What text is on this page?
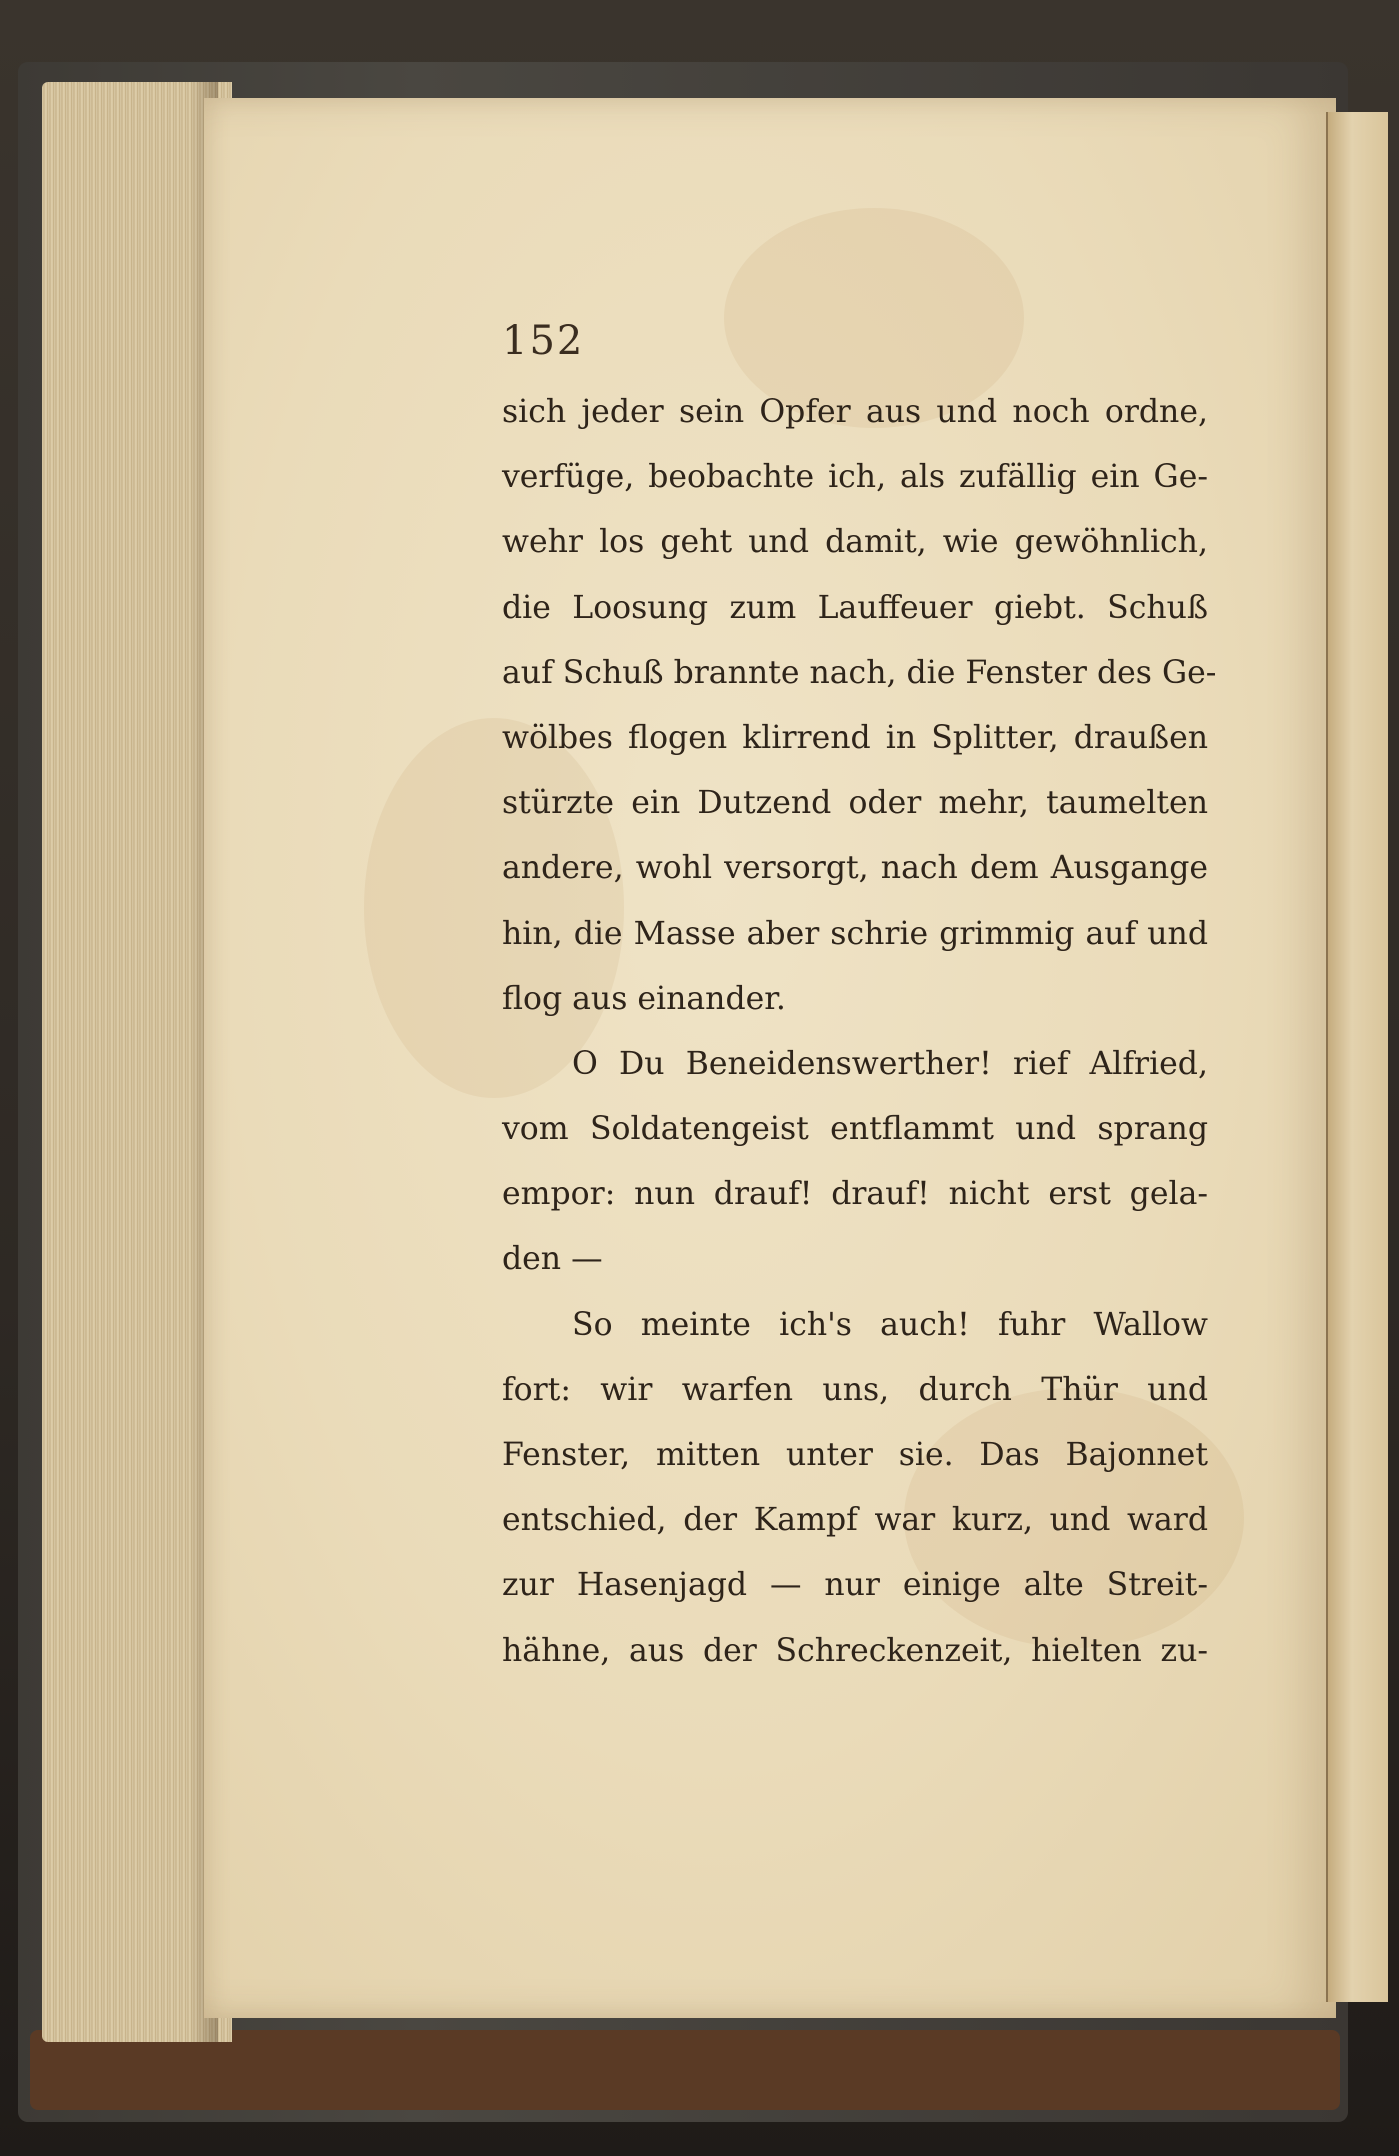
152
sich jeder sein Opfer aus und noch ordne,
verfüge, beobachte ich, als zufällig ein Ge-
wehr los geht und damit, wie gewöhnlich,
die Loosung zum Lauffeuer giebt. Schuß
auf Schuß brannte nach, die Fenster des Ge-
wölbes flogen klirrend in Splitter, draußen
stürzte ein Dutzend oder mehr, taumelten
andere, wohl versorgt, nach dem Ausgange
hin, die Masse aber schrie grimmig auf und
flog aus einander.
O Du Beneidenswerther! rief Alfried,
vom Soldatengeist entflammt und sprang
empor: nun drauf! drauf! nicht erst gela-
den —
So meinte ich's auch! fuhr Wallow
fort: wir warfen uns, durch Thür und
Fenster, mitten unter sie. Das Bajonnet
entschied, der Kampf war kurz, und ward
zur Hasenjagd — nur einige alte Streit-
hähne, aus der Schreckenzeit, hielten zu-
